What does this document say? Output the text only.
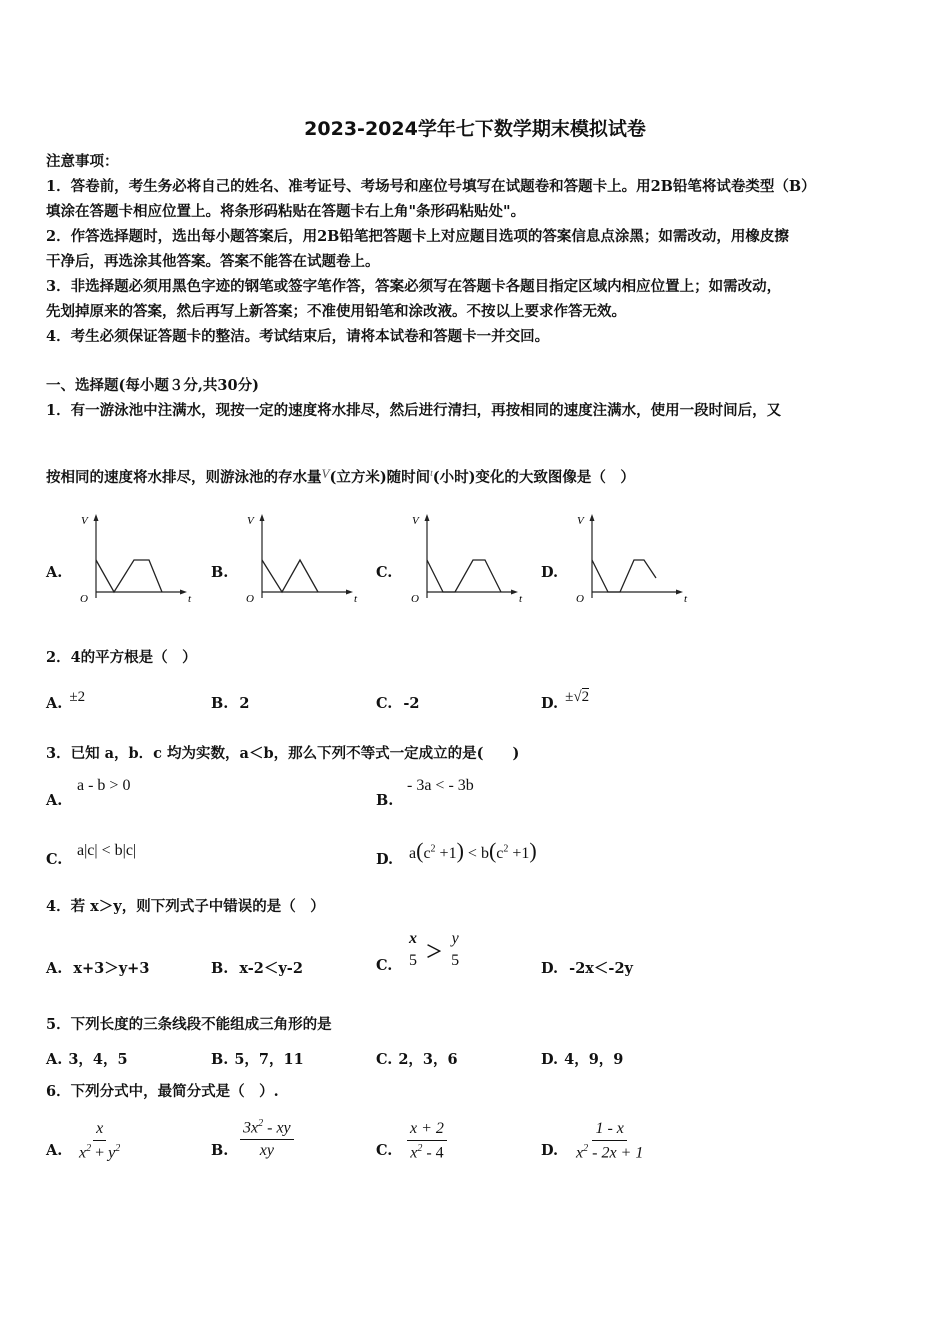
2023-2024学年七下数学期末模拟试卷
注意事项：
1．答卷前，考生务必将自己的姓名、准考证号、考场号和座位号填写在试题卷和答题卡上。用2B铅笔将试卷类型（B）
填涂在答题卡相应位置上。将条形码粘贴在答题卡右上角"条形码粘贴处"。
2．作答选择题时，选出每小题答案后，用2B铅笔把答题卡上对应题目选项的答案信息点涂黑；如需改动，用橡皮擦
干净后，再选涂其他答案。答案不能答在试题卷上。
3．非选择题必须用黑色字迹的钢笔或签字笔作答，答案必须写在答题卡各题目指定区域内相应位置上；如需改动，
先划掉原来的答案，然后再写上新答案；不准使用铅笔和涂改液。不按以上要求作答无效。
4．考生必须保证答题卡的整洁。考试结束后，请将本试卷和答题卡一并交回。
一、选择题(每小题３分,共30分)
1．有一游泳池中注满水，现按一定的速度将水排尽，然后进行清扫，再按相同的速度注满水，使用一段时间后，又
按相同的速度将水排尽，则游泳池的存水量V(立方米)随时间$^t$(小时)变化的大致图像是（　）
A.	B.	C.	D.
V
O	t
V
O	t
V
O	t
V
O	t
2．4的平方根是（　）
A. ±2	B. 2	C. -2	D. ±√2
3．已知 a，b．c 均为实数，a＜b，那么下列不等式一定成立的是(　　)
A.
a - b > 0
B.
- 3a < - 3b
C.
a|c| < b|c|
D. $a(c^2 +1) < b(c^2 +1)$
4．若 x＞y，则下列式子中错误的是（　）
A. x+3＞y+3	B. x-2＜y-2	C.
x
5 ＞
y
5	D. -2x＜-2y
5．下列长度的三条线段不能组成三角形的是
A. 3，4，5	B. 5，7，11	C. 2，3，6	D. 4，9，9
6．下列分式中，最简分式是（　）.
A. $\frac{x}{x^2 + y^2}$	B. $\frac{3x^2 - xy}{xy}$	C. $\frac{x + 2}{x^2 - 4}$	D. $\frac{1 - x}{x^2 - 2x + 1}$
